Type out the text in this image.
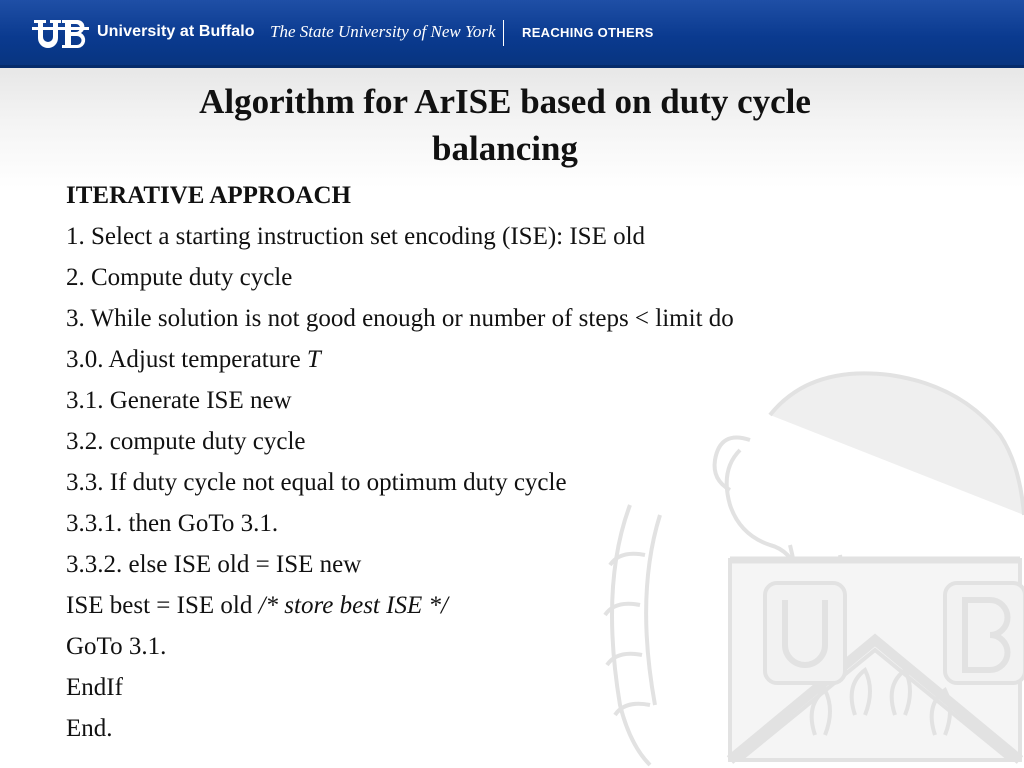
University at Buffalo The State University of New York REACHING OTHERS
Algorithm for ArISE based on duty cycle balancing
ITERATIVE APPROACH
1. Select a starting instruction set encoding (ISE): ISE old
2. Compute duty cycle
3. While solution is not good enough or number of steps < limit do
3.0. Adjust temperature T
3.1. Generate ISE new
3.2. compute duty cycle
3.3. If duty cycle not equal to optimum duty cycle
3.3.1. then GoTo 3.1.
3.3.2. else ISE old = ISE new
ISE best = ISE old /* store best ISE */
GoTo 3.1.
EndIf
End.
